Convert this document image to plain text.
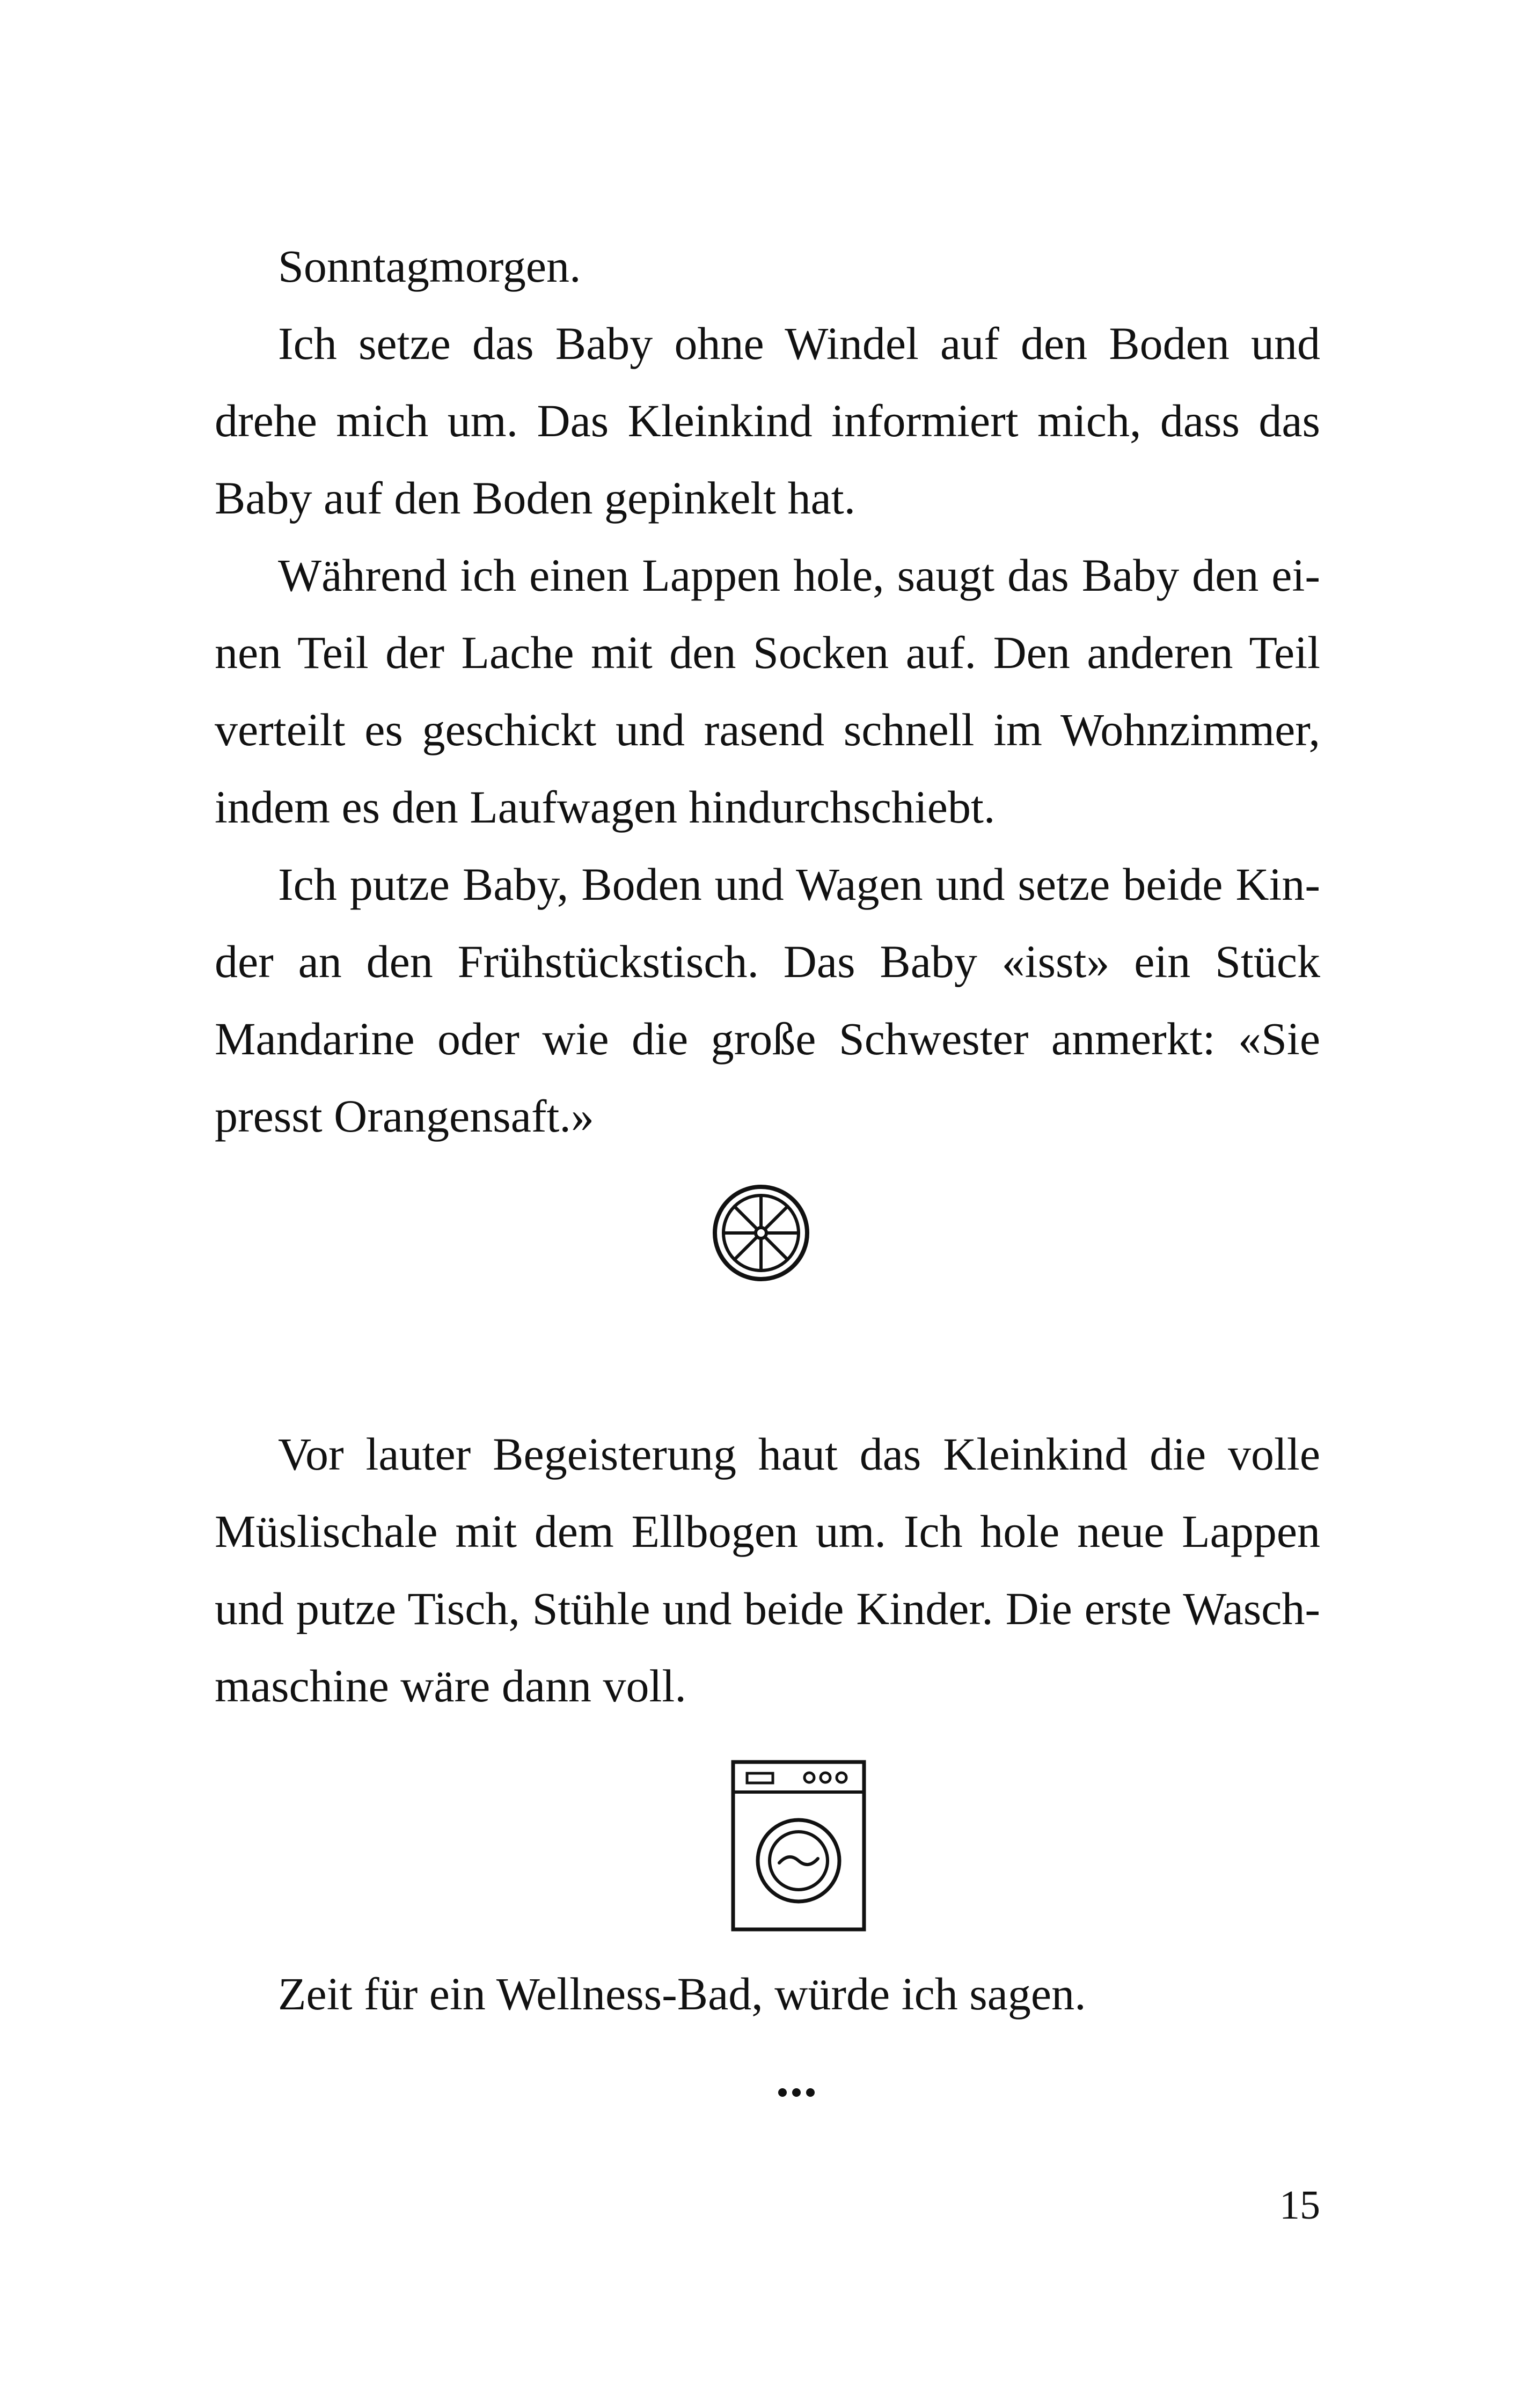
Sonntagmorgen.

Ich setze das Baby ohne Windel auf den Boden und drehe mich um. Das Kleinkind informiert mich, dass das Baby auf den Boden gepinkelt hat.

Während ich einen Lappen hole, saugt das Baby den einen Teil der Lache mit den Socken auf. Den anderen Teil verteilt es geschickt und rasend schnell im Wohnzimmer, indem es den Laufwagen hindurchschiebt.

Ich putze Baby, Boden und Wagen und setze beide Kinder an den Frühstückstisch. Das Baby «isst» ein Stück Mandarine oder wie die große Schwester anmerkt: «Sie presst Orangensaft.»

Vor lauter Begeisterung haut das Kleinkind die volle Müslischale mit dem Ellbogen um. Ich hole neue Lappen und putze Tisch, Stühle und beide Kinder. Die erste Waschmaschine wäre dann voll.

Zeit für ein Wellness-Bad, würde ich sagen.

15
